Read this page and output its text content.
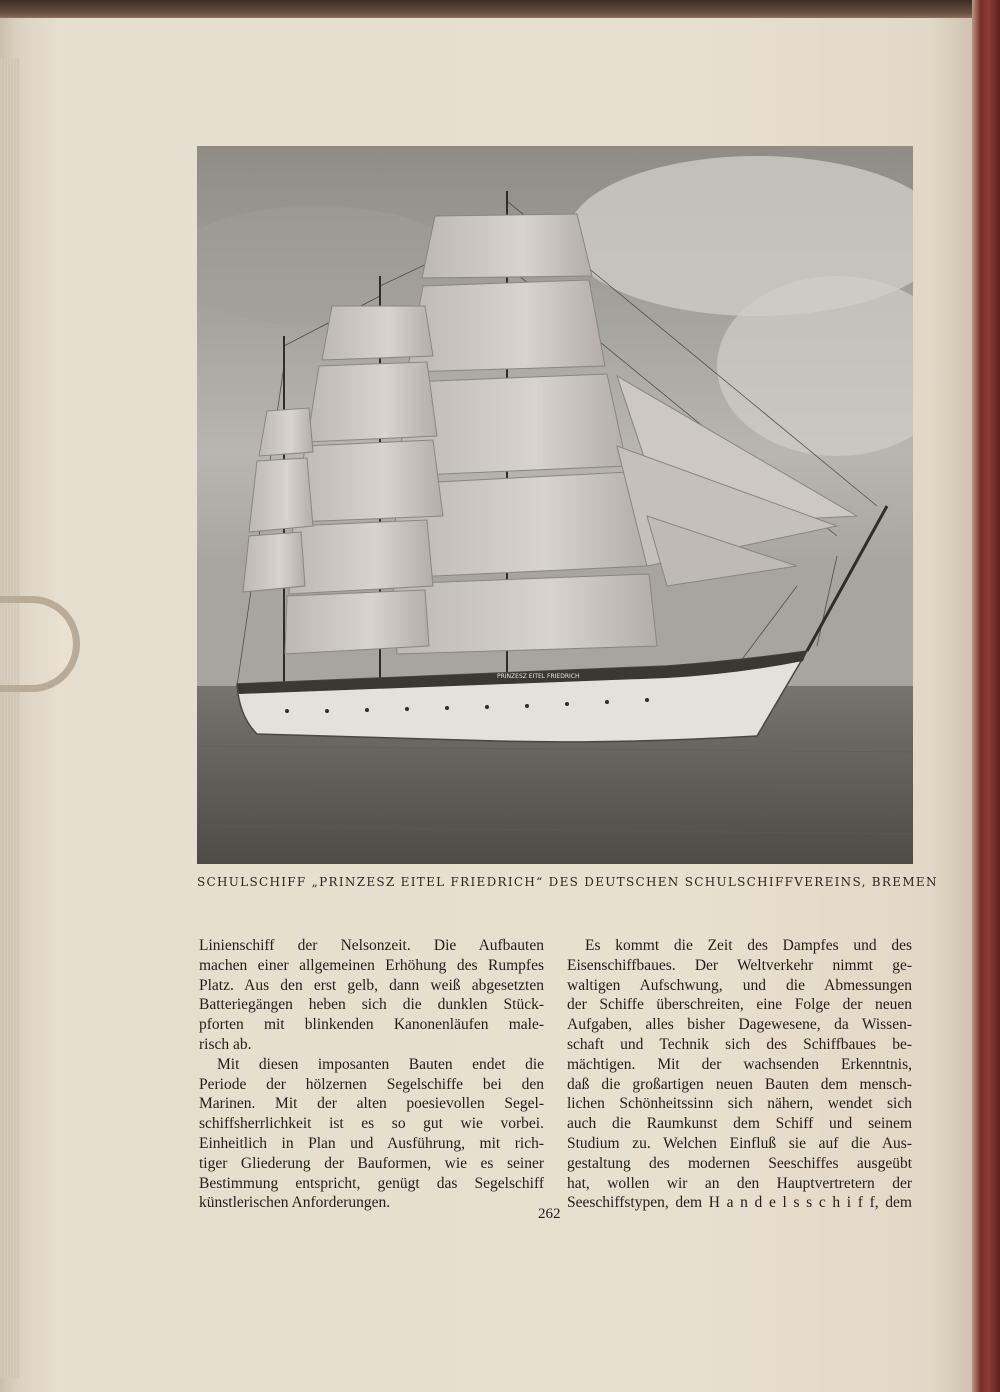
PRINZESZ EITEL FRIEDRICH
SCHULSCHIFF „PRINZESZ EITEL FRIEDRICH“ DES DEUTSCHEN SCHULSCHIFFVEREINS, BREMEN
Linienschiff der Nelsonzeit. Die Aufbauten
machen einer allgemeinen Erhöhung des Rumpfes
Platz. Aus den erst gelb, dann weiß abgesetzten
Batteriegängen heben sich die dunklen Stück-
pforten mit blinkenden Kanonenläufen male-
risch ab.
Mit diesen imposanten Bauten endet die
Periode der hölzernen Segelschiffe bei den
Marinen. Mit der alten poesievollen Segel-
schiffsherrlichkeit ist es so gut wie vorbei.
Einheitlich in Plan und Ausführung, mit rich-
tiger Gliederung der Bauformen, wie es seiner
Bestimmung entspricht, genügt das Segelschiff
künstlerischen Anforderungen.
Es kommt die Zeit des Dampfes und des
Eisenschiffbaues. Der Weltverkehr nimmt ge-
waltigen Aufschwung, und die Abmessungen
der Schiffe überschreiten, eine Folge der neuen
Aufgaben, alles bisher Dagewesene, da Wissen-
schaft und Technik sich des Schiffbaues be-
mächtigen. Mit der wachsenden Erkenntnis,
daß die großartigen neuen Bauten dem mensch-
lichen Schönheitssinn sich nähern, wendet sich
auch die Raumkunst dem Schiff und seinem
Studium zu. Welchen Einfluß sie auf die Aus-
gestaltung des modernen Seeschiffes ausgeübt
hat, wollen wir an den Hauptvertretern der
Seeschiffstypen, dem H a n d e l s s c h i f f, dem
262
